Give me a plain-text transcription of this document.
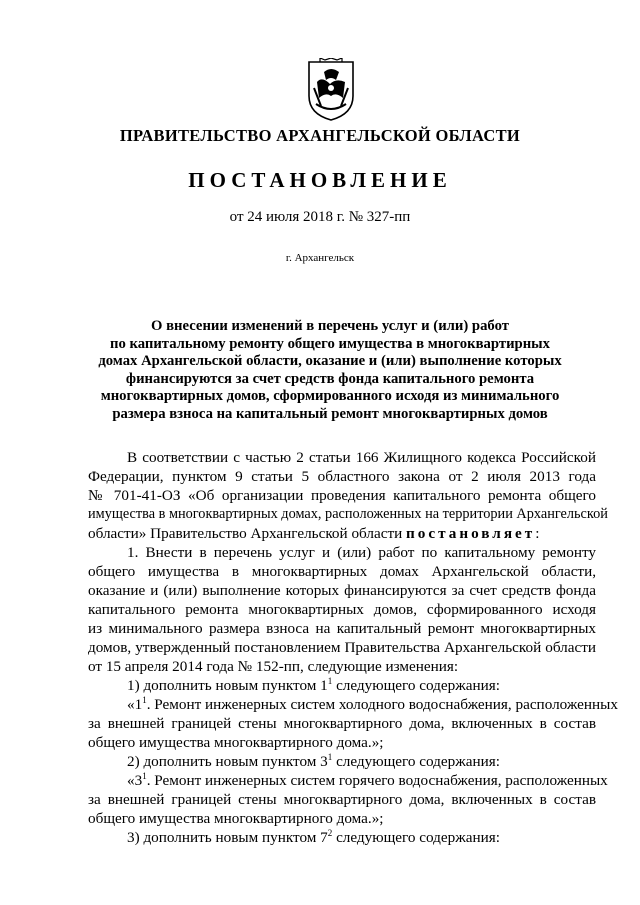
ПРАВИТЕЛЬСТВО АРХАНГЕЛЬСКОЙ ОБЛАСТИ
ПОСТАНОВЛЕНИЕ
от 24 июля 2018 г. № 327-пп
г. Архангельск
О внесении изменений в перечень услуг и (или) работ
по капитальному ремонту общего имущества в многоквартирных
домах Архангельской области, оказание и (или) выполнение которых
финансируются за счет средств фонда капитального ремонта
многоквартирных домов, сформированного исходя из минимального
размера взноса на капитальный ремонт многоквартирных домов
В соответствии с частью 2 статьи 166 Жилищного кодекса Российской
Федерации, пунктом 9 статьи 5 областного закона от 2 июля 2013 года
№ 701-41-ОЗ «Об организации проведения капитального ремонта общего
имущества в многоквартирных домах, расположенных на территории Архангельской
области» Правительство Архангельской области постановляет:
1. Внести в перечень услуг и (или) работ по капитальному ремонту
общего имущества в многоквартирных домах Архангельской области,
оказание и (или) выполнение которых финансируются за счет средств фонда
капитального ремонта многоквартирных домов, сформированного исходя
из минимального размера взноса на капитальный ремонт многоквартирных
домов, утвержденный постановлением Правительства Архангельской области
от 15 апреля 2014 года № 152-пп, следующие изменения:
1) дополнить новым пунктом $1^1$ следующего содержания:
«$1^1$. Ремонт инженерных систем холодного водоснабжения, расположенных
за внешней границей стены многоквартирного дома, включенных в состав
общего имущества многоквартирного дома.»;
2) дополнить новым пунктом $3^1$ следующего содержания:
«$3^1$. Ремонт инженерных систем горячего водоснабжения, расположенных
за внешней границей стены многоквартирного дома, включенных в состав
общего имущества многоквартирного дома.»;
3) дополнить новым пунктом $7^2$ следующего содержания:
